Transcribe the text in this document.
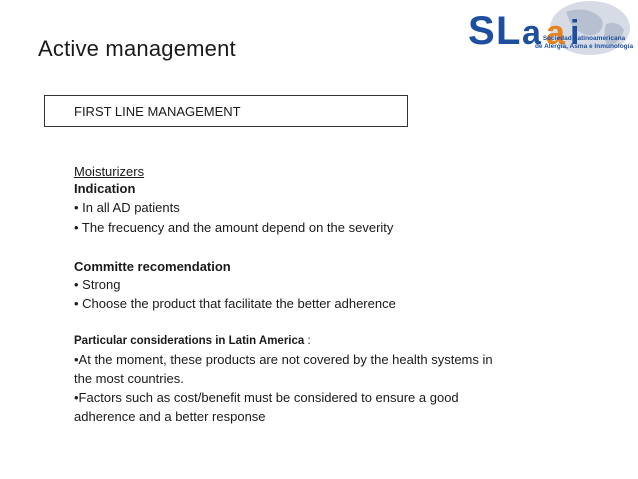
Active management	S L a a i
Sociedad Latinoamericana
de Alergia, Asma e Inmunología
FIRST LINE MANAGEMENT
Moisturizers
Indication
• In all AD patients
• The frecuency and the amount depend on the severity
Committe recomendation
• Strong
• Choose the product that facilitate the better adherence
Particular considerations in Latin America :
•At the moment, these products are not covered by the health systems in
the most countries.
•Factors such as cost/benefit must be considered to ensure a good
adherence and a better response
